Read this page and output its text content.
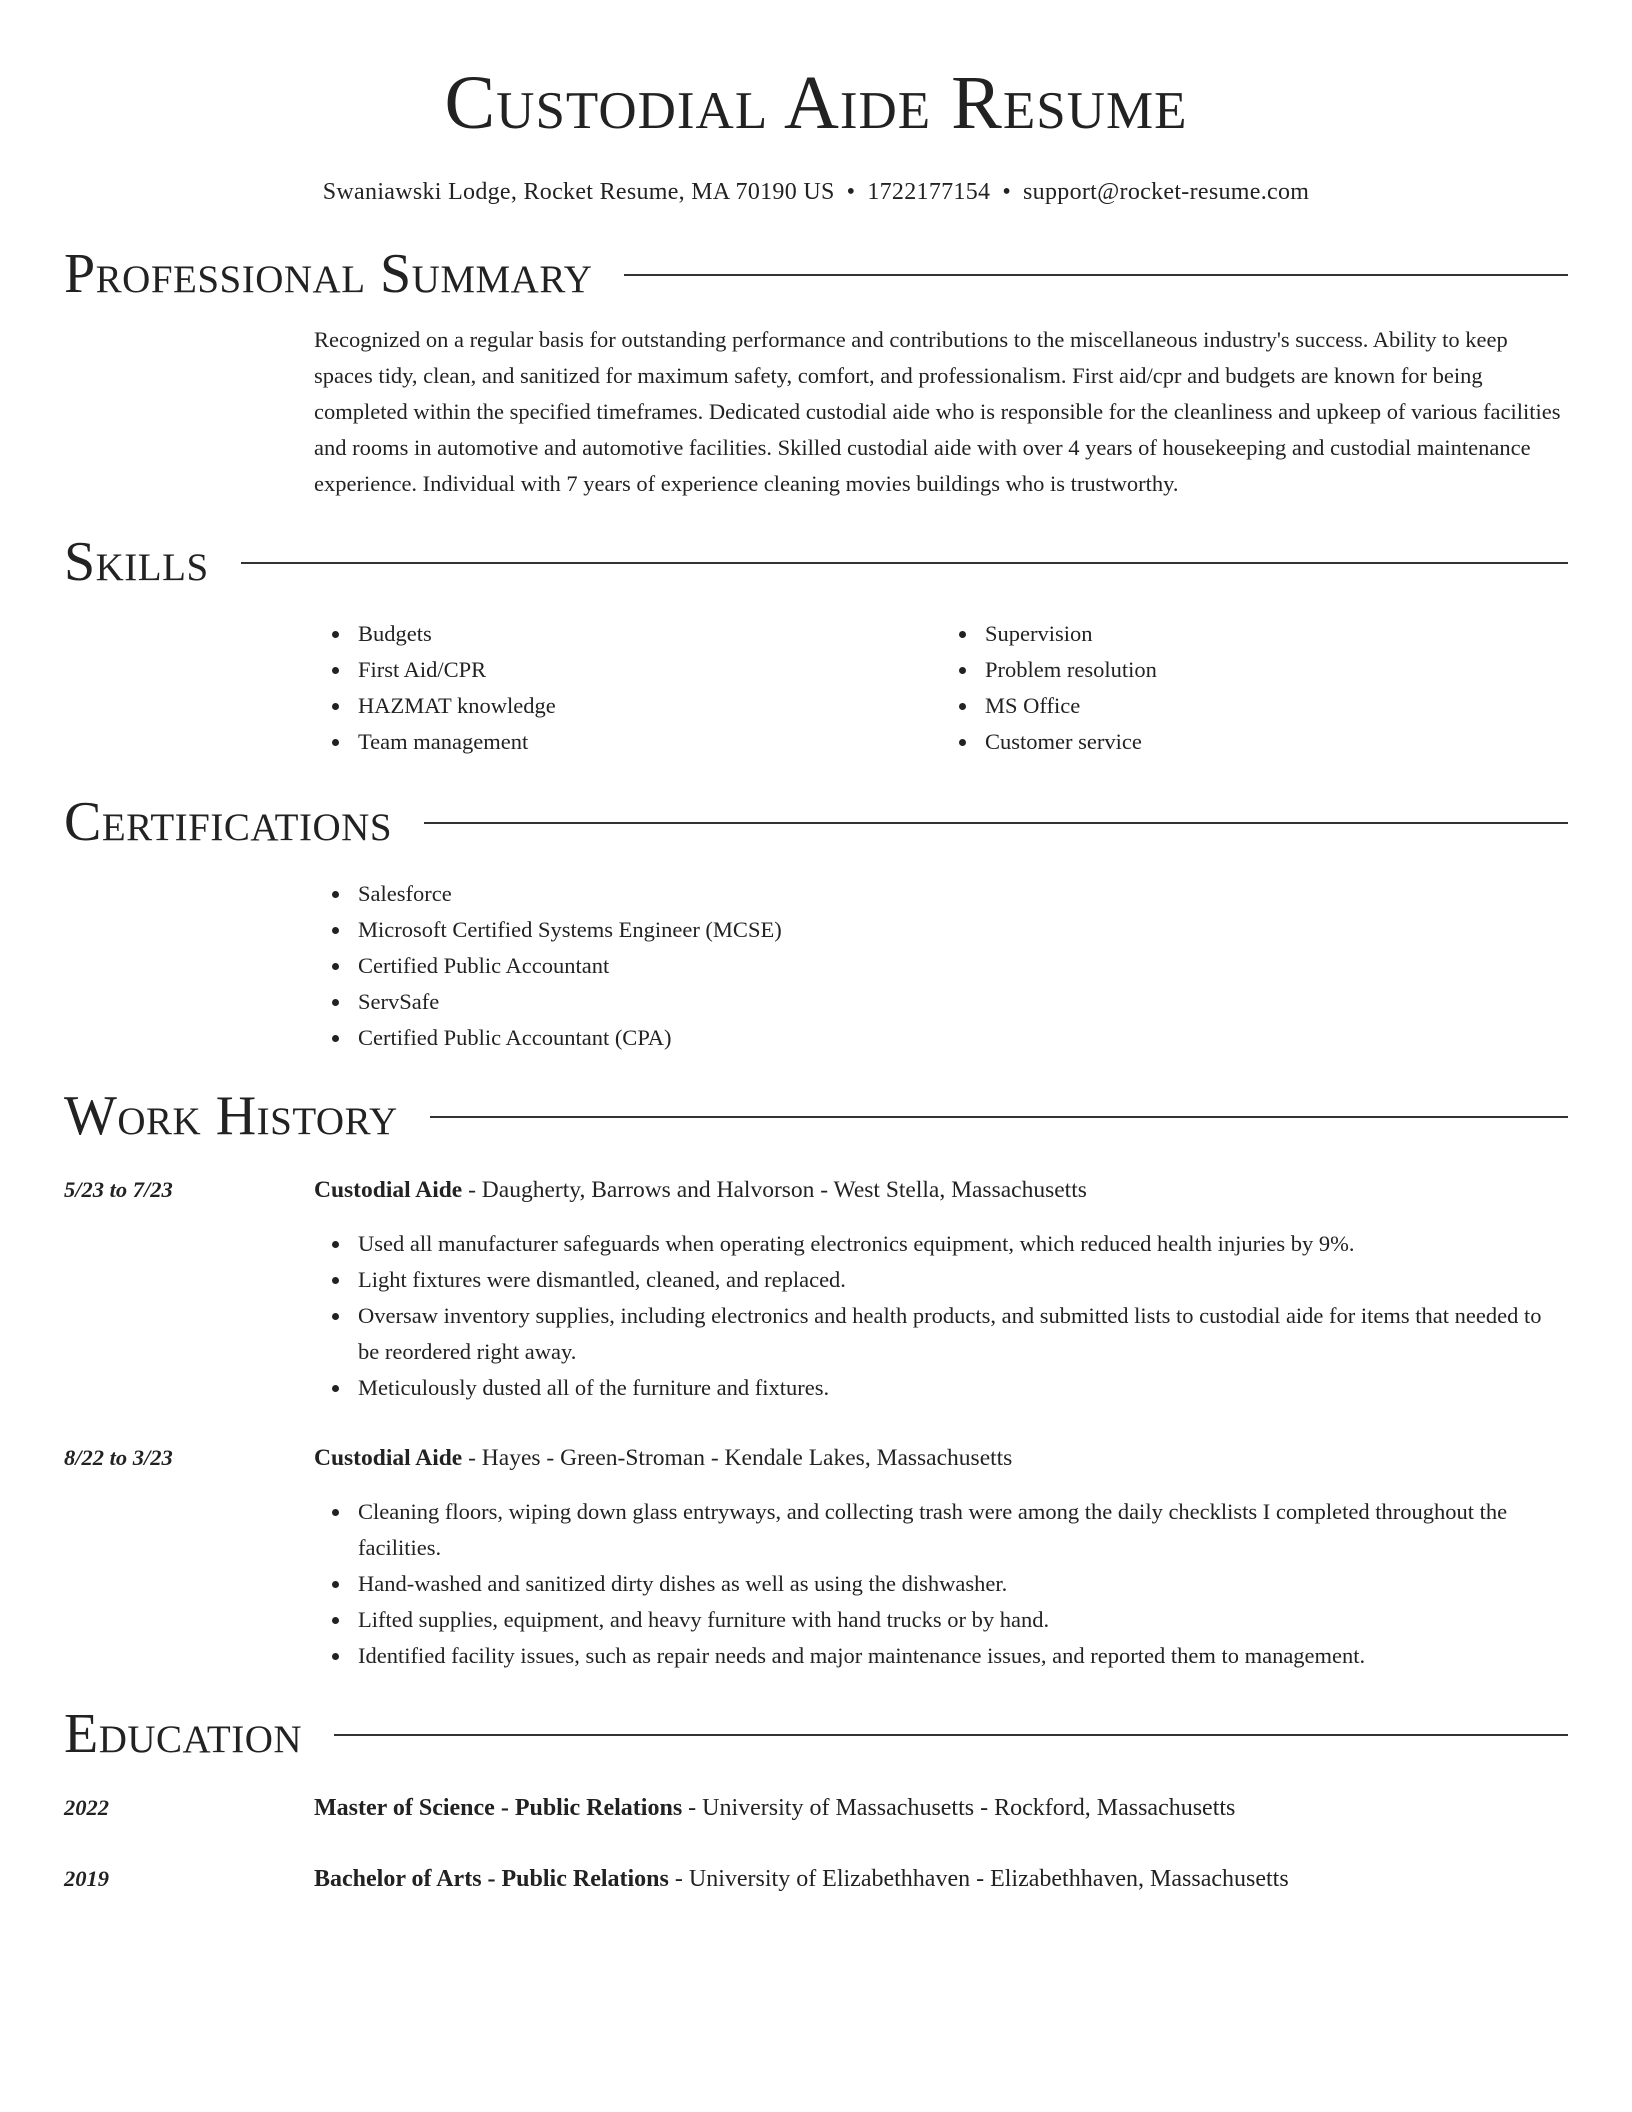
Custodial Aide Resume
Swaniawski Lodge, Rocket Resume, MA 70190 US • 1722177154 • support@rocket-resume.com
Professional Summary
Recognized on a regular basis for outstanding performance and contributions to the miscellaneous industry's success. Ability to keep spaces tidy, clean, and sanitized for maximum safety, comfort, and professionalism. First aid/cpr and budgets are known for being completed within the specified timeframes. Dedicated custodial aide who is responsible for the cleanliness and upkeep of various facilities and rooms in automotive and automotive facilities. Skilled custodial aide with over 4 years of housekeeping and custodial maintenance experience. Individual with 7 years of experience cleaning movies buildings who is trustworthy.
Skills
Budgets
First Aid/CPR
HAZMAT knowledge
Team management
Supervision
Problem resolution
MS Office
Customer service
Certifications
Salesforce
Microsoft Certified Systems Engineer (MCSE)
Certified Public Accountant
ServSafe
Certified Public Accountant (CPA)
Work History
5/23 to 7/23	Custodial Aide - Daugherty, Barrows and Halvorson - West Stella, Massachusetts
Used all manufacturer safeguards when operating electronics equipment, which reduced health injuries by 9%.
Light fixtures were dismantled, cleaned, and replaced.
Oversaw inventory supplies, including electronics and health products, and submitted lists to custodial aide for items that needed to be reordered right away.
Meticulously dusted all of the furniture and fixtures.
8/22 to 3/23	Custodial Aide - Hayes - Green-Stroman - Kendale Lakes, Massachusetts
Cleaning floors, wiping down glass entryways, and collecting trash were among the daily checklists I completed throughout the facilities.
Hand-washed and sanitized dirty dishes as well as using the dishwasher.
Lifted supplies, equipment, and heavy furniture with hand trucks or by hand.
Identified facility issues, such as repair needs and major maintenance issues, and reported them to management.
Education
2022	Master of Science - Public Relations - University of Massachusetts - Rockford, Massachusetts
2019	Bachelor of Arts - Public Relations - University of Elizabethhaven - Elizabethhaven, Massachusetts
